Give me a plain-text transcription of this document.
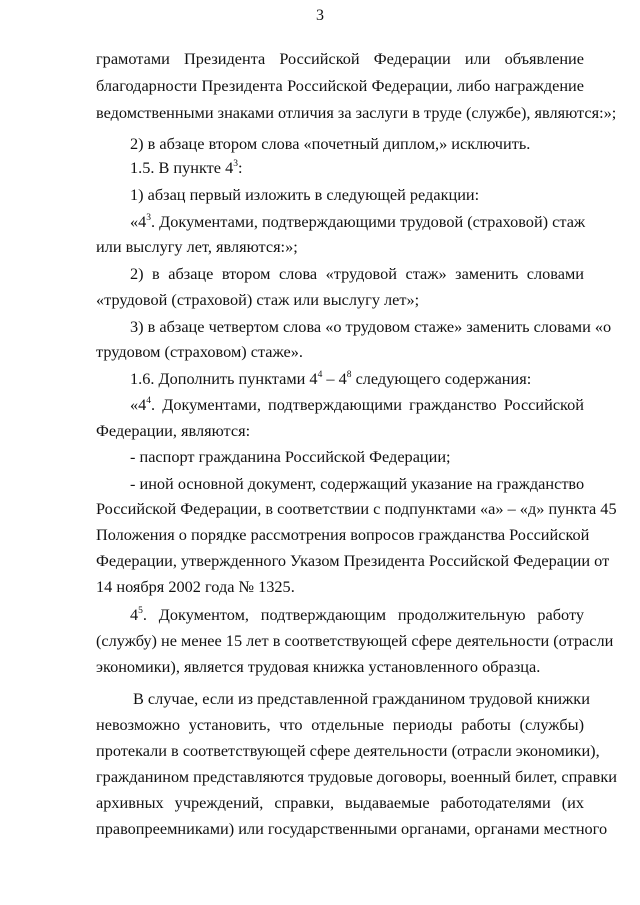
3
грамотами Президента Российской Федерации или объявление
благодарности Президента Российской Федерации, либо награждение
ведомственными знаками отличия за заслуги в труде (службе), являются:»;
2) в абзаце втором слова «почетный диплом,» исключить.
1.5. В пункте $4^3$:
1) абзац первый изложить в следующей редакции:
«$4^3$. Документами, подтверждающими трудовой (страховой) стаж
или выслугу лет, являются:»;
2) в абзаце втором слова «трудовой стаж» заменить словами
«трудовой (страховой) стаж или выслугу лет»;
3) в абзаце четвертом слова «о трудовом стаже» заменить словами «о
трудовом (страховом) стаже».
1.6. Дополнить пунктами $4^4 - 4^8$ следующего содержания:
«$4^4$. Документами, подтверждающими гражданство Российской
Федерации, являются:
- паспорт гражданина Российской Федерации;
- иной основной документ, содержащий указание на гражданство
Российской Федерации, в соответствии с подпунктами «а» – «д» пункта 45
Положения о порядке рассмотрения вопросов гражданства Российской
Федерации, утвержденного Указом Президента Российской Федерации от
14 ноября 2002 года № 1325.
$4^5$. Документом, подтверждающим продолжительную работу
(службу) не менее 15 лет в соответствующей сфере деятельности (отрасли
экономики), является трудовая книжка установленного образца.
В случае, если из представленной гражданином трудовой книжки
невозможно установить, что отдельные периоды работы (службы)
протекали в соответствующей сфере деятельности (отрасли экономики),
гражданином представляются трудовые договоры, военный билет, справки
архивных учреждений, справки, выдаваемые работодателями (их
правопреемниками) или государственными органами, органами местного
